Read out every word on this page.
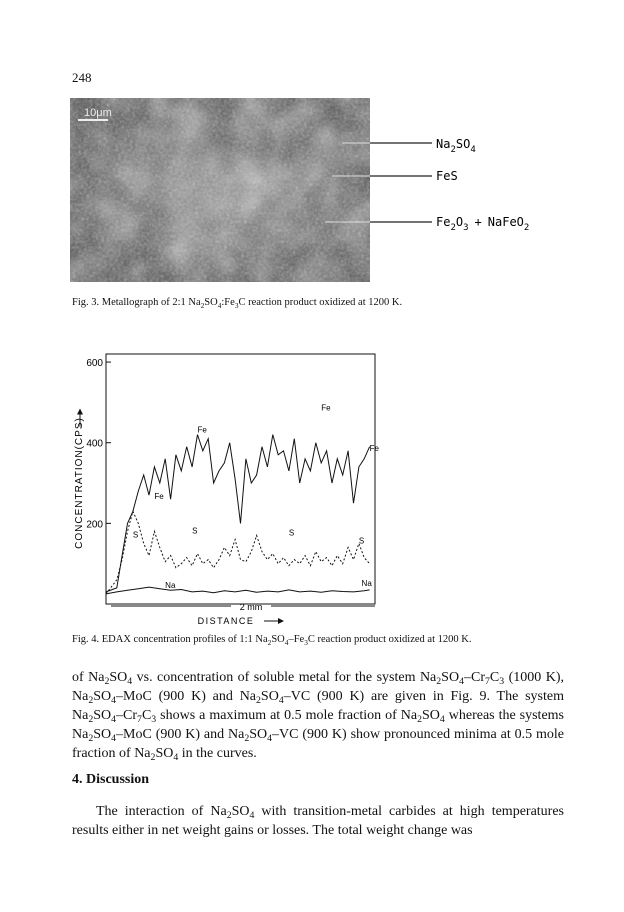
248
10μm
$Na_2SO_4$
FeS
$Fe_2O_3$ + NaFeO$_2$
Fig. 3. Metallograph of 2:1 $Na_2SO_4:Fe_3C$ reaction product oxidized at 1200 K.
200
400
600
CONCENTRATION(CPS)	Fe
Fe
Fe
Fe
S	S	S
S
Na	Na
2 mm
DISTANCE
Fig. 4. EDAX concentration profiles of 1:1 $Na_2SO_4-Fe_3C$ reaction product oxidized at 1200 K.
of $Na_2SO_4$ vs. concentration of soluble metal for the system $Na_2SO_4-Cr_7C_3$ (1000 K), $Na_2SO_4$–MoC (900 K) and $Na_2SO_4-VC$ (900 K) are given in Fig. 9. The system $Na_2SO_4-Cr_7C_3$ shows a maximum at 0.5 mole fraction of $Na_2SO_4$ whereas the systems $Na_2SO_4$–MoC (900 K) and $Na_2SO_4-VC$ (900 K) show pronounced minima at 0.5 mole fraction of $Na_2SO_4$ in the curves.
4. Discussion
The interaction of $Na_2SO_4$ with transition-metal carbides at high temperatures results either in net weight gains or losses. The total weight change was
